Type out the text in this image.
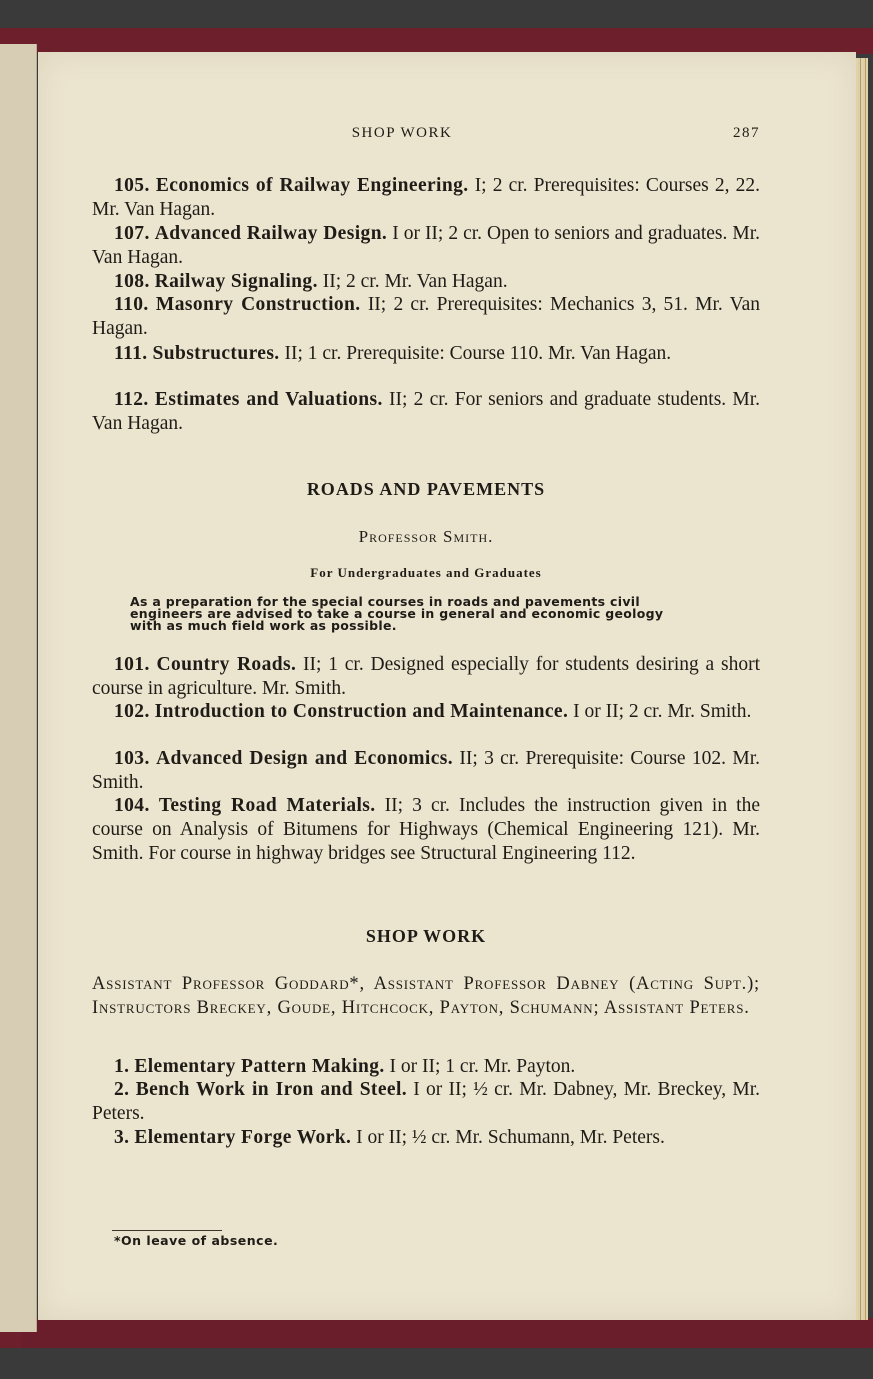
SHOP WORK	287
105. Economics of Railway Engineering. I; 2 cr. Prerequisites: Courses 2, 22. Mr. Van Hagan.
107. Advanced Railway Design. I or II; 2 cr. Open to seniors and graduates. Mr. Van Hagan.
108. Railway Signaling. II; 2 cr. Mr. Van Hagan.
110. Masonry Construction. II; 2 cr. Prerequisites: Mechanics 3, 51. Mr. Van Hagan.
111. Substructures. II; 1 cr. Prerequisite: Course 110. Mr. Van Hagan.
112. Estimates and Valuations. II; 2 cr. For seniors and graduate students. Mr. Van Hagan.
ROADS AND PAVEMENTS
Professor Smith.
For Undergraduates and Graduates
As a preparation for the special courses in roads and pavements civil engineers are advised to take a course in general and economic geology with as much field work as possible.
101. Country Roads. II; 1 cr. Designed especially for students desiring a short course in agriculture. Mr. Smith.
102. Introduction to Construction and Maintenance. I or II; 2 cr. Mr. Smith.
103. Advanced Design and Economics. II; 3 cr. Prerequisite: Course 102. Mr. Smith.
104. Testing Road Materials. II; 3 cr. Includes the instruction given in the course on Analysis of Bitumens for Highways (Chemical Engineering 121). Mr. Smith. For course in highway bridges see Structural Engineering 112.
SHOP WORK
Assistant Professor Goddard*, Assistant Professor Dabney (Acting Supt.); Instructors Breckey, Goude, Hitchcock, Payton, Schumann; Assistant Peters.
1. Elementary Pattern Making. I or II; 1 cr. Mr. Payton.
2. Bench Work in Iron and Steel. I or II; ½ cr. Mr. Dabney, Mr. Breckey, Mr. Peters.
3. Elementary Forge Work. I or II; ½ cr. Mr. Schumann, Mr. Peters.
*On leave of absence.
